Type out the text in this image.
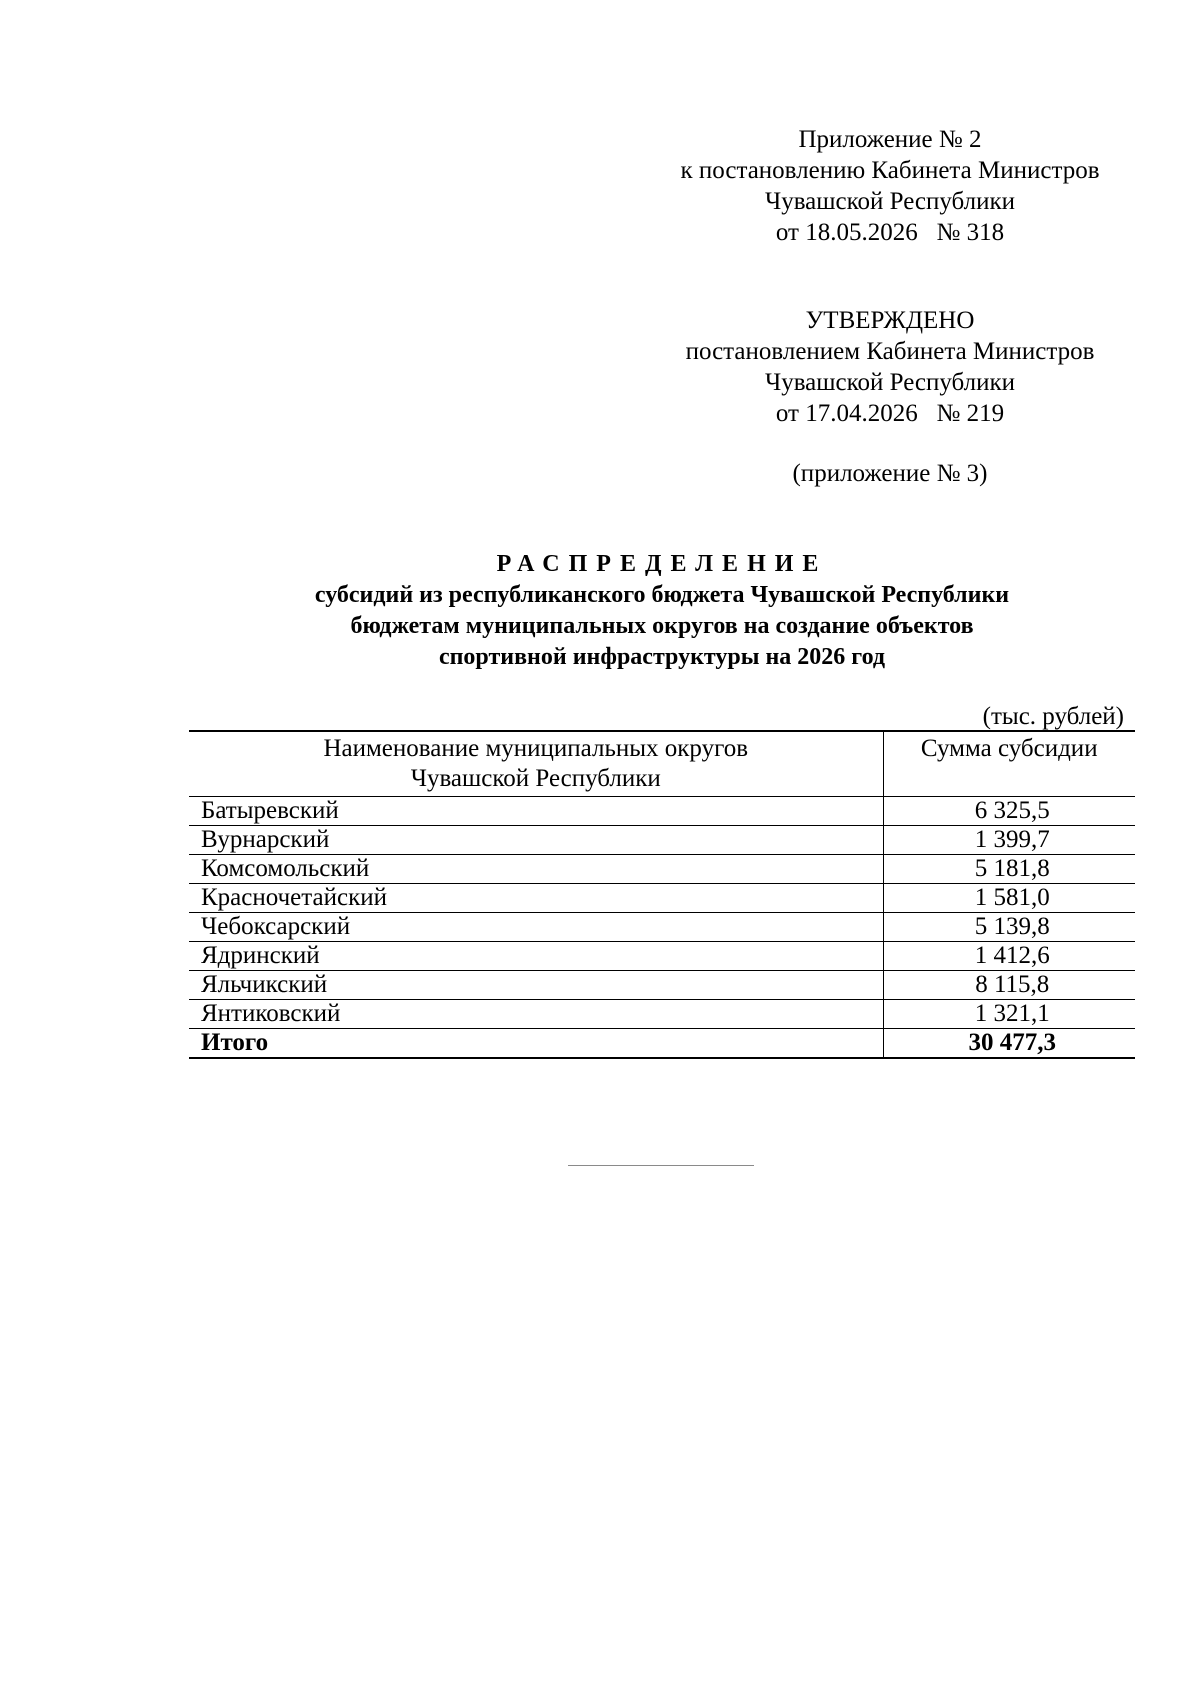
Приложение № 2
к постановлению Кабинета Министров
Чувашской Республики
от 18.05.2026   № 318
УТВЕРЖДЕНО
постановлением Кабинета Министров
Чувашской Республики
от 17.04.2026   № 219
(приложение № 3)
РАСПРЕДЕЛЕНИЕ
субсидий из республиканского бюджета Чувашской Республики
бюджетам муниципальных округов на создание объектов
спортивной инфраструктуры на 2026 год
(тыс. рублей)
Наименование муниципальных округов
Чувашской Республики	Сумма субсидии
Батыревский	6 325,5
Вурнарский	1 399,7
Комсомольский	5 181,8
Красночетайский	1 581,0
Чебоксарский	5 139,8
Ядринский	1 412,6
Яльчикский	8 115,8
Янтиковский	1 321,1
Итого	30 477,3
